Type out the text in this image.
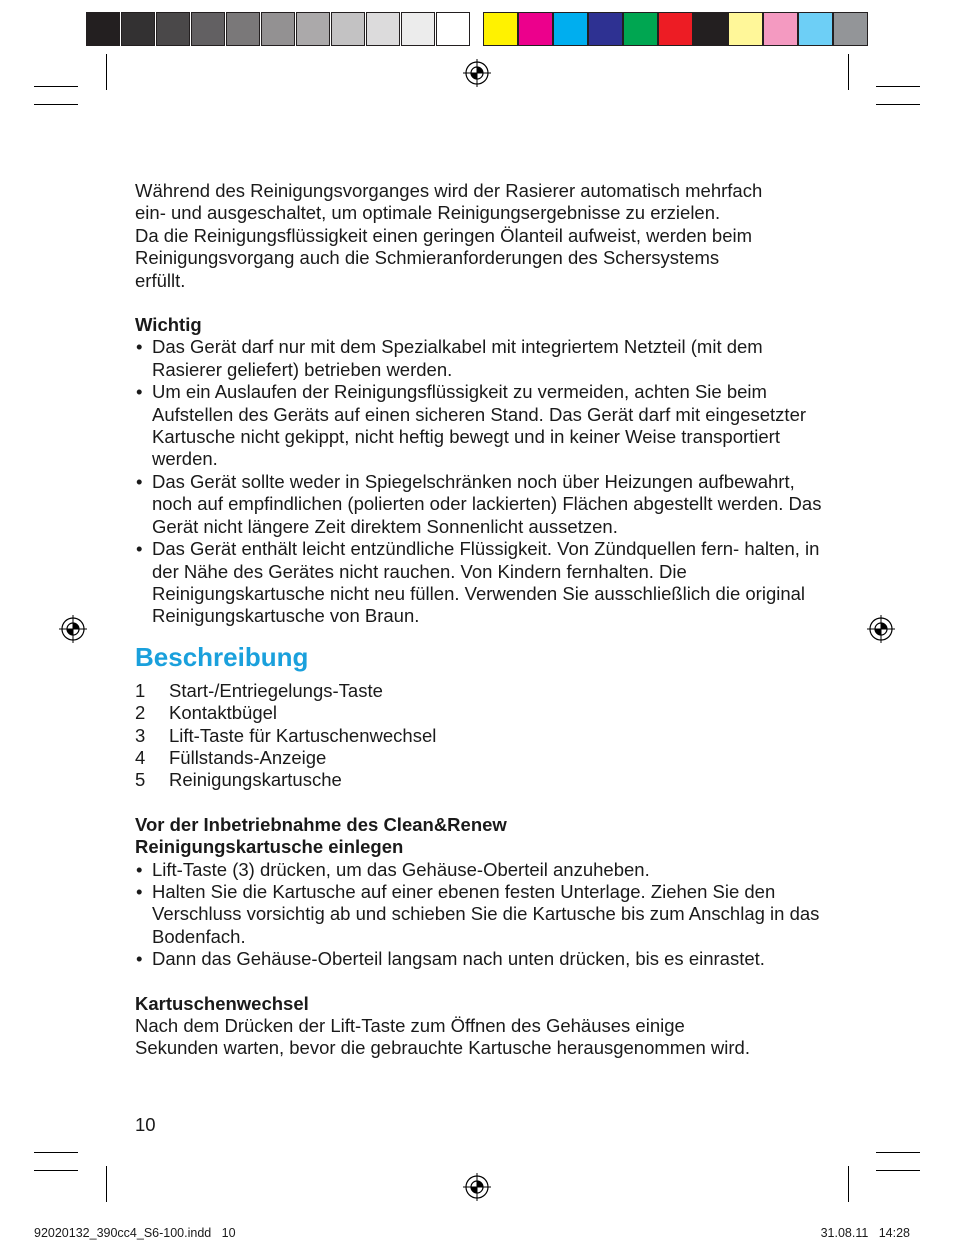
Während des Reinigungsvorganges wird der Rasierer automatisch mehrfach
ein- und ausgeschaltet, um optimale Reinigungsergebnisse zu erzielen.
Da die Reinigungsflüssigkeit einen geringen Ölanteil aufweist, werden beim
Reinigungsvorgang auch die Schmieranforderungen des Schersystems
erfüllt.
Wichtig
• Das Gerät darf nur mit dem Spezialkabel mit integriertem Netzteil (mit dem Rasierer geliefert) betrieben werden.
• Um ein Auslaufen der Reinigungsflüssigkeit zu vermeiden, achten Sie beim Aufstellen des Geräts auf einen sicheren Stand. Das Gerät darf mit eingesetzter Kartusche nicht gekippt, nicht heftig bewegt und in keiner Weise transportiert werden.
• Das Gerät sollte weder in Spiegelschränken noch über Heizungen aufbewahrt, noch auf empfindlichen (polierten oder lackierten) Flächen abgestellt werden. Das Gerät nicht längere Zeit direktem Sonnenlicht aussetzen.
• Das Gerät enthält leicht entzündliche Flüssigkeit. Von Zündquellen fern- halten, in der Nähe des Gerätes nicht rauchen. Von Kindern fernhalten. Die Reinigungskartusche nicht neu füllen. Verwenden Sie ausschließlich die original Reinigungskartusche von Braun.
Beschreibung
1	Start-/Entriegelungs-Taste
2	Kontaktbügel
3	Lift-Taste für Kartuschenwechsel
4	Füllstands-Anzeige
5	Reinigungskartusche
Vor der Inbetriebnahme des Clean&Renew
Reinigungskartusche einlegen
• Lift-Taste (3) drücken, um das Gehäuse-Oberteil anzuheben.
• Halten Sie die Kartusche auf einer ebenen festen Unterlage. Ziehen Sie den Verschluss vorsichtig ab und schieben Sie die Kartusche bis zum Anschlag in das Bodenfach.
• Dann das Gehäuse-Oberteil langsam nach unten drücken, bis es einrastet.
Kartuschenwechsel
Nach dem Drücken der Lift-Taste zum Öffnen des Gehäuses einige
Sekunden warten, bevor die gebrauchte Kartusche herausgenommen wird.
10
92020132_390cc4_S6-100.indd   10	31.08.11   14:28
